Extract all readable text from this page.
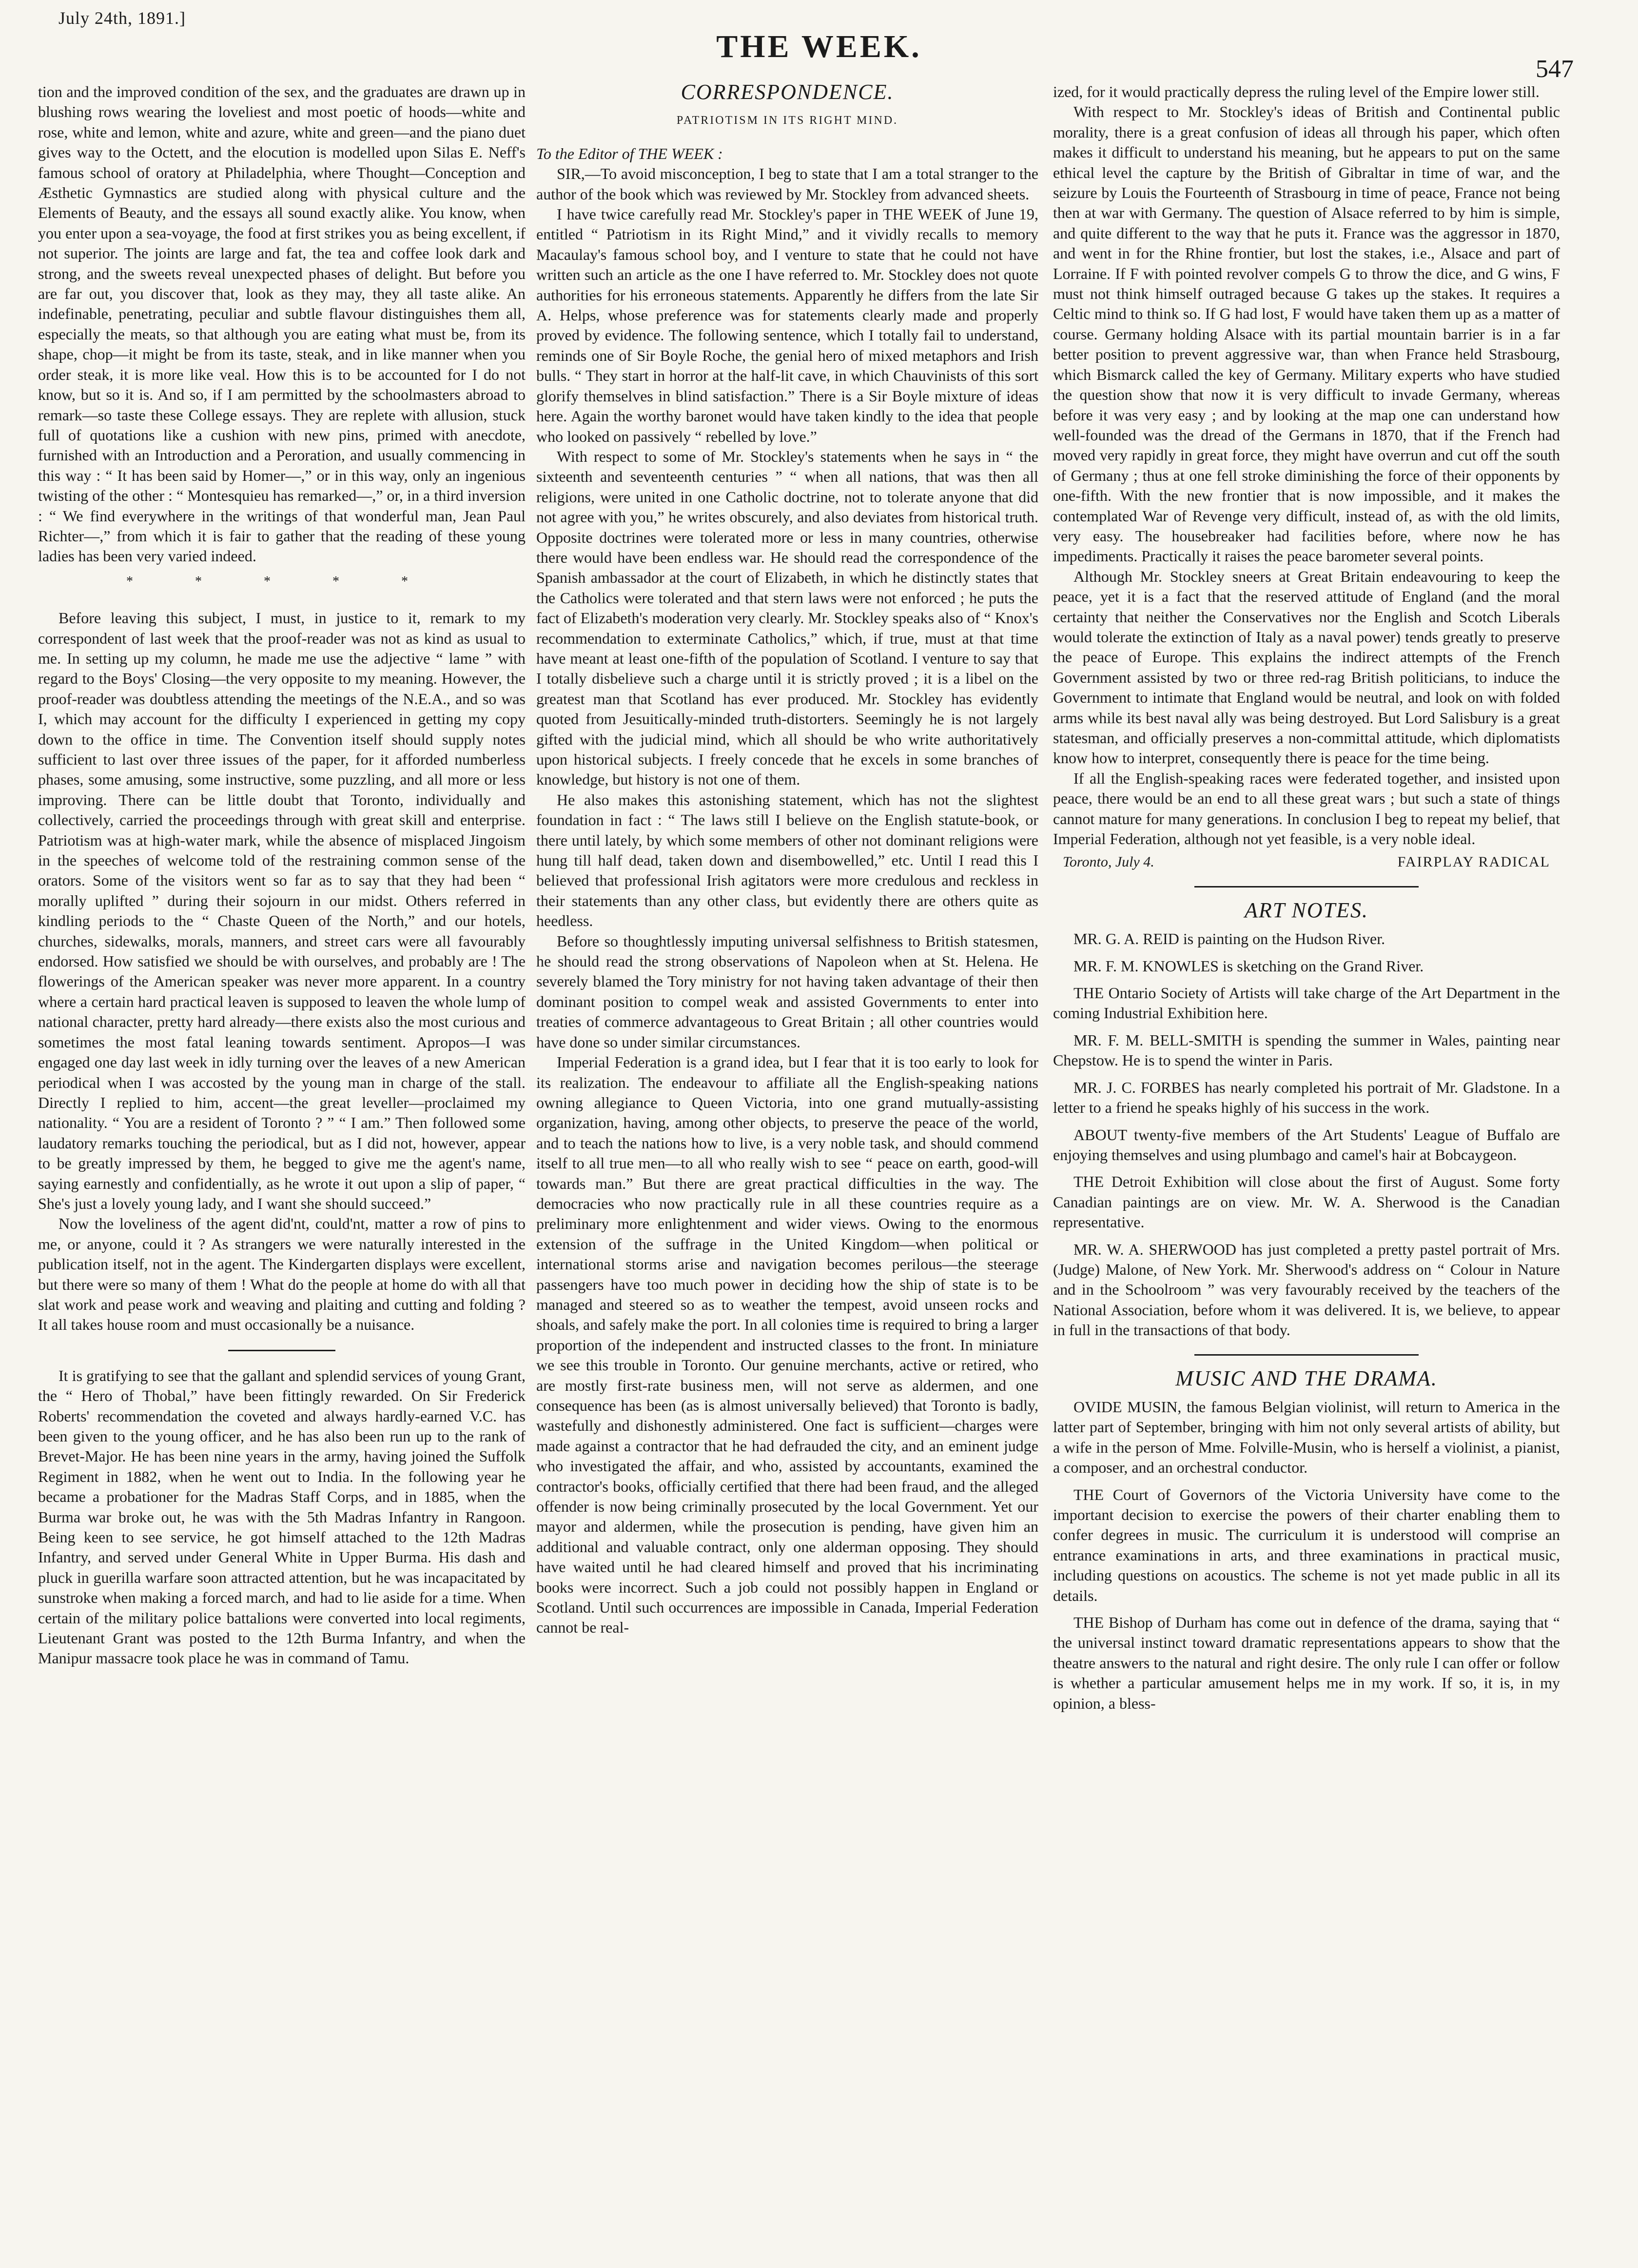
July 24th, 1891.]
THE WEEK.
547

tion and the improved condition of the sex, and the graduates are drawn up in blushing rows wearing the loveliest and most poetic of hoods—white and rose, white and lemon, white and azure, white and green—and the piano duet gives way to the Octett, and the elocution is modelled upon Silas E. Neff's famous school of oratory at Philadelphia, where Thought—Conception and Æsthetic Gymnastics are studied along with physical culture and the Elements of Beauty, and the essays all sound exactly alike. You know, when you enter upon a sea-voyage, the food at first strikes you as being excellent, if not superior. The joints are large and fat, the tea and coffee look dark and strong, and the sweets reveal unexpected phases of delight. But before you are far out, you discover that, look as they may, they all taste alike. An indefinable, penetrating, peculiar and subtle flavour distinguishes them all, especially the meats, so that although you are eating what must be, from its shape, chop—it might be from its taste, steak, and in like manner when you order steak, it is more like veal. How this is to be accounted for I do not know, but so it is. And so, if I am permitted by the schoolmasters abroad to remark—so taste these College essays. They are replete with allusion, stuck full of quotations like a cushion with new pins, primed with anecdote, furnished with an Introduction and a Peroration, and usually commencing in this way : “ It has been said by Homer—,” or in this way, only an ingenious twisting of the other : “ Montesquieu has remarked—,” or, in a third inversion : “ We find everywhere in the writings of that wonderful man, Jean Paul Richter—,” from which it is fair to gather that the reading of these young ladies has been very varied indeed.

* * * * *

Before leaving this subject, I must, in justice to it, remark to my correspondent of last week that the proof-reader was not as kind as usual to me. In setting up my column, he made me use the adjective “ lame ” with regard to the Boys' Closing—the very opposite to my meaning. However, the proof-reader was doubtless attending the meetings of the N.E.A., and so was I, which may account for the difficulty I experienced in getting my copy down to the office in time. The Convention itself should supply notes sufficient to last over three issues of the paper, for it afforded numberless phases, some amusing, some instructive, some puzzling, and all more or less improving. There can be little doubt that Toronto, individually and collectively, carried the proceedings through with great skill and enterprise. Patriotism was at high-water mark, while the absence of misplaced Jingoism in the speeches of welcome told of the restraining common sense of the orators. Some of the visitors went so far as to say that they had been “ morally uplifted ” during their sojourn in our midst. Others referred in kindling periods to the “ Chaste Queen of the North,” and our hotels, churches, sidewalks, morals, manners, and street cars were all favourably endorsed. How satisfied we should be with ourselves, and probably are ! The flowerings of the American speaker was never more apparent. In a country where a certain hard practical leaven is supposed to leaven the whole lump of national character, pretty hard already—there exists also the most curious and sometimes the most fatal leaning towards sentiment. Apropos—I was engaged one day last week in idly turning over the leaves of a new American periodical when I was accosted by the young man in charge of the stall. Directly I replied to him, accent—the great leveller—proclaimed my nationality. “ You are a resident of Toronto ? ” “ I am.” Then followed some laudatory remarks touching the periodical, but as I did not, however, appear to be greatly impressed by them, he begged to give me the agent's name, saying earnestly and confidentially, as he wrote it out upon a slip of paper, “ She's just a lovely young lady, and I want she should succeed.”

Now the loveliness of the agent did'nt, could'nt, matter a row of pins to me, or anyone, could it ? As strangers we were naturally interested in the publication itself, not in the agent. The Kindergarten displays were excellent, but there were so many of them ! What do the people at home do with all that slat work and pease work and weaving and plaiting and cutting and folding ? It all takes house room and must occasionally be a nuisance.

It is gratifying to see that the gallant and splendid services of young Grant, the “ Hero of Thobal,” have been fittingly rewarded. On Sir Frederick Roberts' recommendation the coveted and always hardly-earned V.C. has been given to the young officer, and he has also been run up to the rank of Brevet-Major. He has been nine years in the army, having joined the Suffolk Regiment in 1882, when he went out to India. In the following year he became a probationer for the Madras Staff Corps, and in 1885, when the Burma war broke out, he was with the 5th Madras Infantry in Rangoon. Being keen to see service, he got himself attached to the 12th Madras Infantry, and served under General White in Upper Burma. His dash and pluck in guerilla warfare soon attracted attention, but he was incapacitated by sunstroke when making a forced march, and had to lie aside for a time. When certain of the military police battalions were converted into local regiments, Lieutenant Grant was posted to the 12th Burma Infantry, and when the Manipur massacre took place he was in command of Tamu.

CORRESPONDENCE.
PATRIOTISM IN ITS RIGHT MIND.

To the Editor of THE WEEK :

SIR,—To avoid misconception, I beg to state that I am a total stranger to the author of the book which was reviewed by Mr. Stockley from advanced sheets.

I have twice carefully read Mr. Stockley's paper in THE WEEK of June 19, entitled “ Patriotism in its Right Mind,” and it vividly recalls to memory Macaulay's famous school boy, and I venture to state that he could not have written such an article as the one I have referred to. Mr. Stockley does not quote authorities for his erroneous statements. Apparently he differs from the late Sir A. Helps, whose preference was for statements clearly made and properly proved by evidence. The following sentence, which I totally fail to understand, reminds one of Sir Boyle Roche, the genial hero of mixed metaphors and Irish bulls. “ They start in horror at the half-lit cave, in which Chauvinists of this sort glorify themselves in blind satisfaction.” There is a Sir Boyle mixture of ideas here. Again the worthy baronet would have taken kindly to the idea that people who looked on passively “ rebelled by love.”

With respect to some of Mr. Stockley's statements when he says in “ the sixteenth and seventeenth centuries ” “ when all nations, that was then all religions, were united in one Catholic doctrine, not to tolerate anyone that did not agree with you,” he writes obscurely, and also deviates from historical truth. Opposite doctrines were tolerated more or less in many countries, otherwise there would have been endless war. He should read the correspondence of the Spanish ambassador at the court of Elizabeth, in which he distinctly states that the Catholics were tolerated and that stern laws were not enforced ; he puts the fact of Elizabeth's moderation very clearly. Mr. Stockley speaks also of “ Knox's recommendation to exterminate Catholics,” which, if true, must at that time have meant at least one-fifth of the population of Scotland. I venture to say that I totally disbelieve such a charge until it is strictly proved ; it is a libel on the greatest man that Scotland has ever produced. Mr. Stockley has evidently quoted from Jesuitically-minded truth-distorters. Seemingly he is not largely gifted with the judicial mind, which all should be who write authoritatively upon historical subjects. I freely concede that he excels in some branches of knowledge, but history is not one of them.

He also makes this astonishing statement, which has not the slightest foundation in fact : “ The laws still I believe on the English statute-book, or there until lately, by which some members of other not dominant religions were hung till half dead, taken down and disembowelled,” etc. Until I read this I believed that professional Irish agitators were more credulous and reckless in their statements than any other class, but evidently there are others quite as heedless.

Before so thoughtlessly imputing universal selfishness to British statesmen, he should read the strong observations of Napoleon when at St. Helena. He severely blamed the Tory ministry for not having taken advantage of their then dominant position to compel weak and assisted Governments to enter into treaties of commerce advantageous to Great Britain ; all other countries would have done so under similar circumstances.

Imperial Federation is a grand idea, but I fear that it is too early to look for its realization. The endeavour to affiliate all the English-speaking nations owning allegiance to Queen Victoria, into one grand mutually-assisting organization, having, among other objects, to preserve the peace of the world, and to teach the nations how to live, is a very noble task, and should commend itself to all true men—to all who really wish to see “ peace on earth, good-will towards man.” But there are great practical difficulties in the way. The democracies who now practically rule in all these countries require as a preliminary more enlightenment and wider views. Owing to the enormous extension of the suffrage in the United Kingdom—when political or international storms arise and navigation becomes perilous—the steerage passengers have too much power in deciding how the ship of state is to be managed and steered so as to weather the tempest, avoid unseen rocks and shoals, and safely make the port. In all colonies time is required to bring a larger proportion of the independent and instructed classes to the front. In miniature we see this trouble in Toronto. Our genuine merchants, active or retired, who are mostly first-rate business men, will not serve as aldermen, and one consequence has been (as is almost universally believed) that Toronto is badly, wastefully and dishonestly administered. One fact is sufficient—charges were made against a contractor that he had defrauded the city, and an eminent judge who investigated the affair, and who, assisted by accountants, examined the contractor's books, officially certified that there had been fraud, and the alleged offender is now being criminally prosecuted by the local Government. Yet our mayor and aldermen, while the prosecution is pending, have given him an additional and valuable contract, only one alderman opposing. They should have waited until he had cleared himself and proved that his incriminating books were incorrect. Such a job could not possibly happen in England or Scotland. Until such occurrences are impossible in Canada, Imperial Federation cannot be real-

ized, for it would practically depress the ruling level of the Empire lower still.

With respect to Mr. Stockley's ideas of British and Continental public morality, there is a great confusion of ideas all through his paper, which often makes it difficult to understand his meaning, but he appears to put on the same ethical level the capture by the British of Gibraltar in time of war, and the seizure by Louis the Fourteenth of Strasbourg in time of peace, France not being then at war with Germany. The question of Alsace referred to by him is simple, and quite different to the way that he puts it. France was the aggressor in 1870, and went in for the Rhine frontier, but lost the stakes, i.e., Alsace and part of Lorraine. If F with pointed revolver compels G to throw the dice, and G wins, F must not think himself outraged because G takes up the stakes. It requires a Celtic mind to think so. If G had lost, F would have taken them up as a matter of course. Germany holding Alsace with its partial mountain barrier is in a far better position to prevent aggressive war, than when France held Strasbourg, which Bismarck called the key of Germany. Military experts who have studied the question show that now it is very difficult to invade Germany, whereas before it was very easy ; and by looking at the map one can understand how well-founded was the dread of the Germans in 1870, that if the French had moved very rapidly in great force, they might have overrun and cut off the south of Germany ; thus at one fell stroke diminishing the force of their opponents by one-fifth. With the new frontier that is now impossible, and it makes the contemplated War of Revenge very difficult, instead of, as with the old limits, very easy. The housebreaker had facilities before, where now he has impediments. Practically it raises the peace barometer several points.

Although Mr. Stockley sneers at Great Britain endeavouring to keep the peace, yet it is a fact that the reserved attitude of England (and the moral certainty that neither the Conservatives nor the English and Scotch Liberals would tolerate the extinction of Italy as a naval power) tends greatly to preserve the peace of Europe. This explains the indirect attempts of the French Government assisted by two or three red-rag British politicians, to induce the Government to intimate that England would be neutral, and look on with folded arms while its best naval ally was being destroyed. But Lord Salisbury is a great statesman, and officially preserves a non-committal attitude, which diplomatists know how to interpret, consequently there is peace for the time being.

If all the English-speaking races were federated together, and insisted upon peace, there would be an end to all these great wars ; but such a state of things cannot mature for many generations. In conclusion I beg to repeat my belief, that Imperial Federation, although not yet feasible, is a very noble ideal.

Toronto, July 4.	FAIRPLAY RADICAL
ART NOTES.

MR. G. A. REID is painting on the Hudson River.

MR. F. M. KNOWLES is sketching on the Grand River.

THE Ontario Society of Artists will take charge of the Art Department in the coming Industrial Exhibition here.

MR. F. M. BELL-SMITH is spending the summer in Wales, painting near Chepstow. He is to spend the winter in Paris.

MR. J. C. FORBES has nearly completed his portrait of Mr. Gladstone. In a letter to a friend he speaks highly of his success in the work.

ABOUT twenty-five members of the Art Students' League of Buffalo are enjoying themselves and using plumbago and camel's hair at Bobcaygeon.

THE Detroit Exhibition will close about the first of August. Some forty Canadian paintings are on view. Mr. W. A. Sherwood is the Canadian representative.

MR. W. A. SHERWOOD has just completed a pretty pastel portrait of Mrs. (Judge) Malone, of New York. Mr. Sherwood's address on “ Colour in Nature and in the Schoolroom ” was very favourably received by the teachers of the National Association, before whom it was delivered. It is, we believe, to appear in full in the transactions of that body.

MUSIC AND THE DRAMA.

OVIDE MUSIN, the famous Belgian violinist, will return to America in the latter part of September, bringing with him not only several artists of ability, but a wife in the person of Mme. Folville-Musin, who is herself a violinist, a pianist, a composer, and an orchestral conductor.

THE Court of Governors of the Victoria University have come to the important decision to exercise the powers of their charter enabling them to confer degrees in music. The curriculum it is understood will comprise an entrance examinations in arts, and three examinations in practical music, including questions on acoustics. The scheme is not yet made public in all its details.

THE Bishop of Durham has come out in defence of the drama, saying that “ the universal instinct toward dramatic representations appears to show that the theatre answers to the natural and right desire. The only rule I can offer or follow is whether a particular amusement helps me in my work. If so, it is, in my opinion, a bless-
